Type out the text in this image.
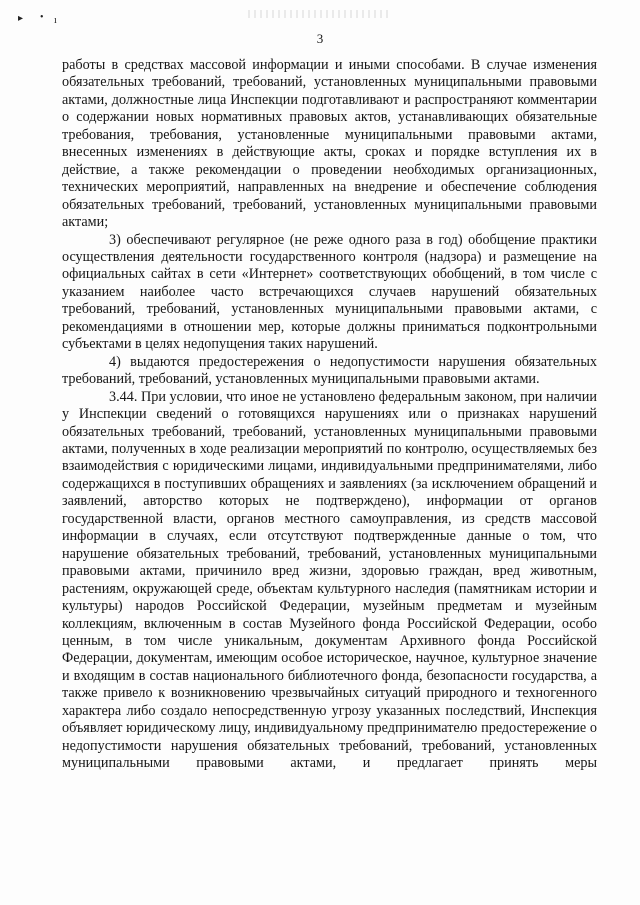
▸ • ı
3

работы в средствах массовой информации и иными способами. В случае изменения обязательных требований, требований, установленных муниципальными правовыми актами, должностные лица Инспекции подготавливают и распространяют комментарии о содержании новых нормативных правовых актов, устанавливающих обязательные требования, требования, установленные муниципальными правовыми актами, внесенных изменениях в действующие акты, сроках и порядке вступления их в действие, а также рекомендации о проведении необходимых организационных, технических мероприятий, направленных на внедрение и обеспечение соблюдения обязательных требований, требований, установленных муниципальными правовыми актами;

3) обеспечивают регулярное (не реже одного раза в год) обобщение практики осуществления деятельности государственного контроля (надзора) и размещение на официальных сайтах в сети «Интернет» соответствующих обобщений, в том числе с указанием наиболее часто встречающихся случаев нарушений обязательных требований, требований, установленных муниципальными правовыми актами, с рекомендациями в отношении мер, которые должны приниматься подконтрольными субъектами в целях недопущения таких нарушений.

4) выдаются предостережения о недопустимости нарушения обязательных требований, требований, установленных муниципальными правовыми актами.

3.44. При условии, что иное не установлено федеральным законом, при наличии у Инспекции сведений о готовящихся нарушениях или о признаках нарушений обязательных требований, требований, установленных муниципальными правовыми актами, полученных в ходе реализации мероприятий по контролю, осуществляемых без взаимодействия с юридическими лицами, индивидуальными предпринимателями, либо содержащихся в поступивших обращениях и заявлениях (за исключением обращений и заявлений, авторство которых не подтверждено), информации от органов государственной власти, органов местного самоуправления, из средств массовой информации в случаях, если отсутствуют подтвержденные данные о том, что нарушение обязательных требований, требований, установленных муниципальными правовыми актами, причинило вред жизни, здоровью граждан, вред животным, растениям, окружающей среде, объектам культурного наследия (памятникам истории и культуры) народов Российской Федерации, музейным предметам и музейным коллекциям, включенным в состав Музейного фонда Российской Федерации, особо ценным, в том числе уникальным, документам Архивного фонда Российской Федерации, документам, имеющим особое историческое, научное, культурное значение и входящим в состав национального библиотечного фонда, безопасности государства, а также привело к возникновению чрезвычайных ситуаций природного и техногенного характера либо создало непосредственную угрозу указанных последствий, Инспекция объявляет юридическому лицу, индивидуальному предпринимателю предостережение о недопустимости нарушения обязательных требований, требований, установленных муниципальными правовыми актами, и предлагает принять меры
